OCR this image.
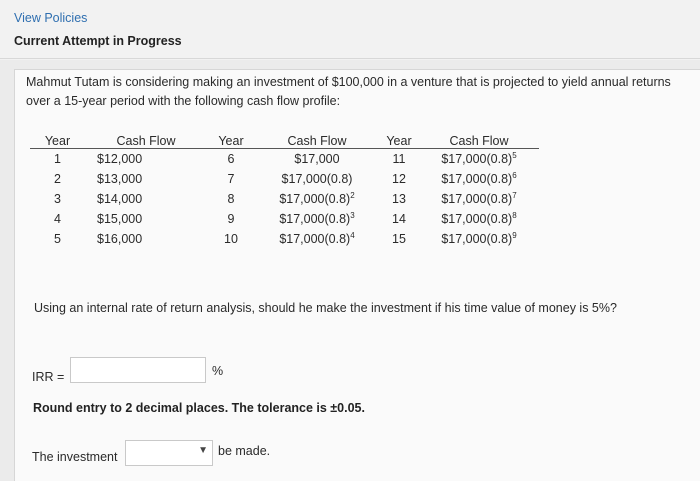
View Policies
Current Attempt in Progress
Mahmut Tutam is considering making an investment of $100,000 in a venture that is projected to yield annual returns over a 15-year period with the following cash flow profile:
Year	Cash Flow	Year	Cash Flow	Year	Cash Flow
1	$12,000	6	$17,000	11	$\$17,000(0.8)^5$
2	$13,000	7	$17,000(0.8)	12	$\$17,000(0.8)^6$
3	$14,000	8	$\$17,000(0.8)^2$	13	$\$17,000(0.8)^7$
4	$15,000	9	$\$17,000(0.8)^3$	14	$\$17,000(0.8)^8$
5	$16,000	10	$\$17,000(0.8)^4$	15	$\$17,000(0.8)^9$
Using an internal rate of return analysis, should he make the investment if his time value of money is 5%?
IRR =	%
Round entry to 2 decimal places. The tolerance is ±0.05.
The investment	▼ be made.
